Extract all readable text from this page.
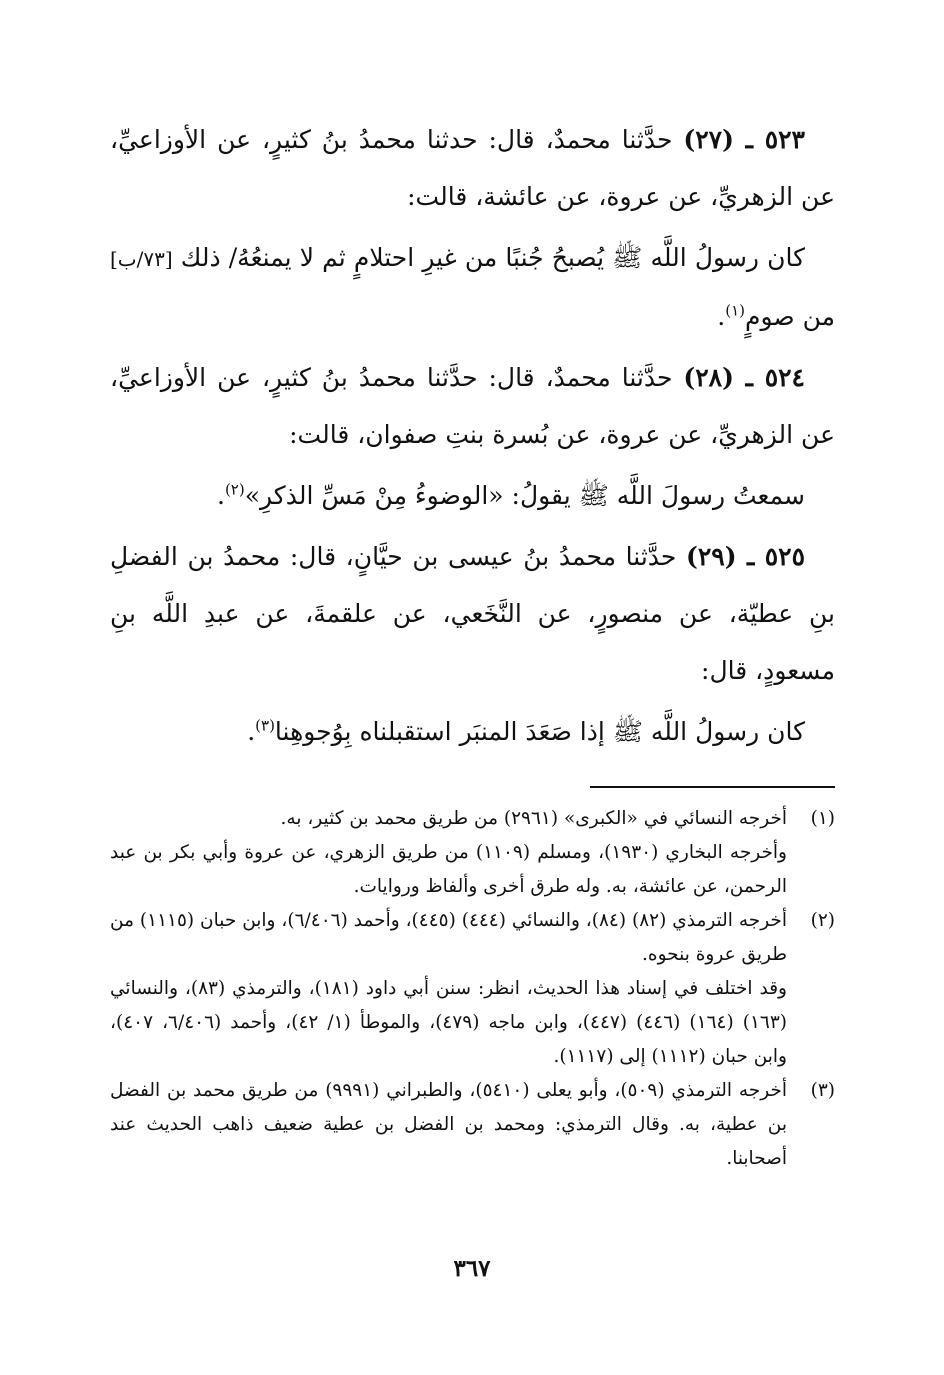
٥٢٣ ـ (٢٧) حدَّثنا محمدٌ، قال: حدثنا محمدُ بنُ كثيرٍ، عن الأوزاعيِّ، عن الزهريِّ، عن عروة، عن عائشة، قالت:

كان رسولُ اللَّه ﷺ يُصبحُ جُنبًا من غيرِ احتلامٍ ثم لا يمنعُهُ/ ذلك [٧٣/ب] من صومٍ$^{(١)}$.

٥٢٤ ـ (٢٨) حدَّثنا محمدٌ، قال: حدَّثنا محمدُ بنُ كثيرٍ، عن الأوزاعيِّ، عن الزهريِّ، عن عروة، عن بُسرة بنتِ صفوان، قالت:

سمعتُ رسولَ اللَّه ﷺ يقولُ: «الوضوءُ مِنْ مَسِّ الذكرِ»$^{(٢)}$.

٥٢٥ ـ (٢٩) حدَّثنا محمدُ بنُ عيسى بن حيَّانٍ، قال: محمدُ بن الفضلِ بنِ عطيّة، عن منصورٍ، عن النَّخَعي، عن علقمةَ، عن عبدِ اللَّه بنِ مسعودٍ، قال:

كان رسولُ اللَّه ﷺ إذا صَعَدَ المنبَر استقبلناه بِوُجوهِنا$^{(٣)}$.

(١)

أخرجه النسائي في «الكبرى» (٢٩٦١) من طريق محمد بن كثير، به.

وأخرجه البخاري (١٩٣٠)، ومسلم (١١٠٩) من طريق الزهري، عن عروة وأبي بكر بن عبد الرحمن، عن عائشة، به. وله طرق أخرى وألفاظ وروايات.

(٢)

أخرجه الترمذي (٨٢) (٨٤)، والنسائي (٤٤٤) (٤٤٥)، وأحمد (٦/٤٠٦)، وابن حبان (١١١٥) من طريق عروة بنحوه.

وقد اختلف في إسناد هذا الحديث، انظر: سنن أبي داود (١٨١)، والترمذي (٨٣)، والنسائي (١٦٣) (١٦٤) (٤٤٦) (٤٤٧)، وابن ماجه (٤٧٩)، والموطأ (١/ ٤٢)، وأحمد (٦/٤٠٦، ٤٠٧)، وابن حبان (١١١٢) إلى (١١١٧).

(٣)

أخرجه الترمذي (٥٠٩)، وأبو يعلى (٥٤١٠)، والطبراني (٩٩٩١) من طريق محمد بن الفضل بن عطية، به. وقال الترمذي: ومحمد بن الفضل بن عطية ضعيف ذاهب الحديث عند أصحابنا.

٣٦٧
